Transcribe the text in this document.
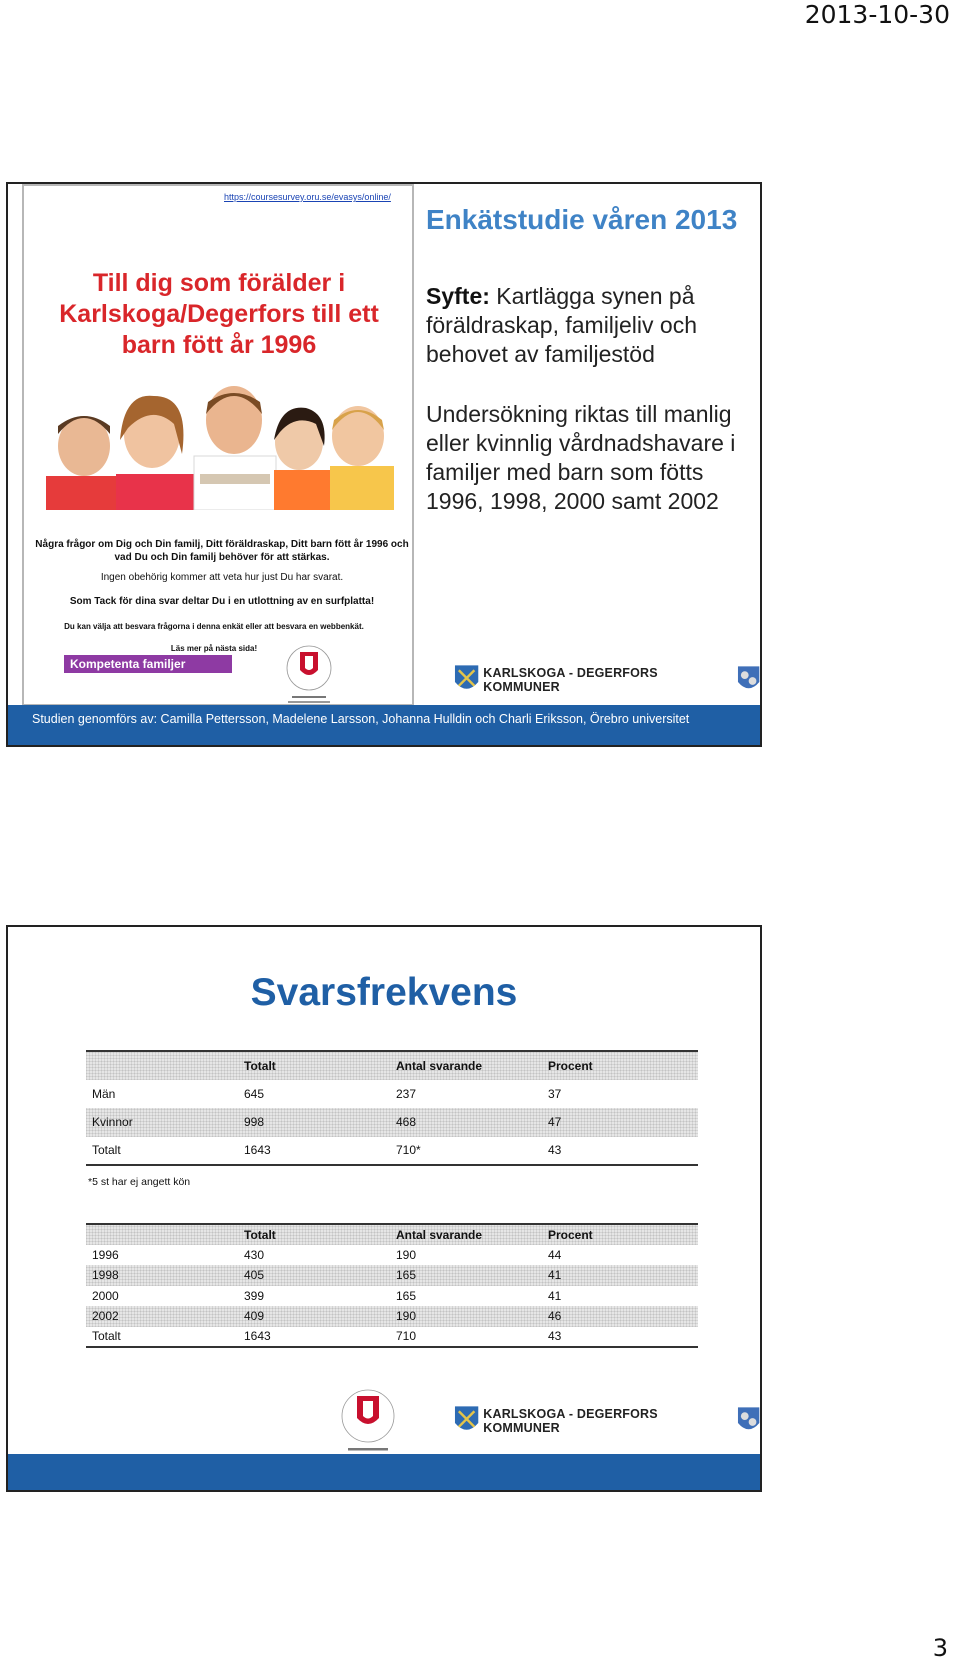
2013-10-30
https://coursesurvey.oru.se/evasys/online/
Till dig som förälder i Karlskoga/Degerfors till ett barn fött år 1996
Några frågor om Dig och Din familj, Ditt föräldraskap, Ditt barn fött år 1996 och vad Du och Din familj behöver för att stärkas.
Ingen obehörig kommer att veta hur just Du har svarat.
Som Tack för dina svar deltar Du i en utlottning av en surfplatta!
Du kan välja att besvara frågorna i denna enkät eller att besvara en webbenkät.
Läs mer på nästa sida!
Kompetenta familjer
Enkätstudie våren 2013
Syfte: Kartlägga synen på föräldraskap, familjeliv och behovet av familjestöd
Undersökning riktas till manlig eller kvinnlig vårdnadshavare i familjer med barn som fötts 1996, 1998, 2000 samt 2002
KARLSKOGA - DEGERFORS KOMMUNER
Studien genomförs av: Camilla Pettersson, Madelene Larsson, Johanna Hulldin och Charli Eriksson, Örebro universitet
Svarsfrekvens
	Totalt	Antal svarande	Procent
Män	645	237	37
Kvinnor	998	468	47
Totalt	1643	710*	43
*5 st har ej angett kön
	Totalt	Antal svarande	Procent
1996	430	190	44
1998	405	165	41
2000	399	165	41
2002	409	190	46
Totalt	1643	710	43
KARLSKOGA - DEGERFORS KOMMUNER
3
